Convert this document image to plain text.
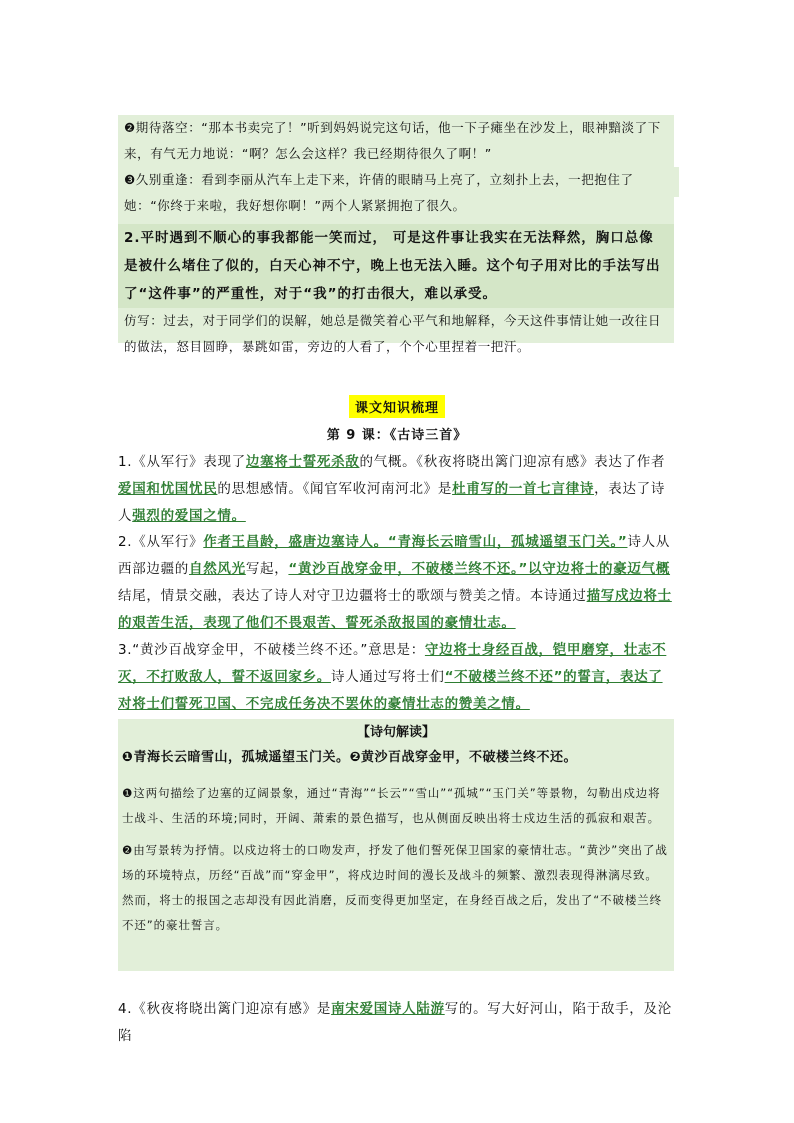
❷期待落空：“那本书卖完了！”听到妈妈说完这句话，他一下子瘫坐在沙发上，眼神黯淡了下来，有气无力地说：“啊？怎么会这样？我已经期待很久了啊！”

❸久别重逢：看到李丽从汽车上走下来，许倩的眼睛马上亮了，立刻扑上去，一把抱住了她：“你终于来啦，我好想你啊！”两个人紧紧拥抱了很久。

2.平时遇到不顺心的事我都能一笑而过， 可是这件事让我实在无法释然，胸口总像是被什么堵住了似的，白天心神不宁，晚上也无法入睡。这个句子用对比的手法写出了“这件事”的严重性，对于“我”的打击很大，难以承受。

仿写：过去，对于同学们的误解，她总是微笑着心平气和地解释，今天这件事情让她一改往日的做法，怒目圆睁，暴跳如雷，旁边的人看了，个个心里捏着一把汗。

课文知识梳理
第 9 课：《古诗三首》

1.《从军行》表现了边塞将士誓死杀敌的气概。《秋夜将晓出篱门迎凉有感》表达了作者爱国和忧国忧民的思想感情。《闻官军收河南河北》是杜甫写的一首七言律诗，表达了诗人强烈的爱国之情。

2.《从军行》作者王昌龄，盛唐边塞诗人。“青海长云暗雪山，孤城遥望玉门关。”诗人从西部边疆的自然风光写起，“黄沙百战穿金甲，不破楼兰终不还。”以守边将士的豪迈气概结尾，情景交融，表达了诗人对守卫边疆将士的歌颂与赞美之情。本诗通过描写戍边将士的艰苦生活，表现了他们不畏艰苦、誓死杀敌报国的豪情壮志。

3.“黄沙百战穿金甲，不破楼兰终不还。”意思是：守边将士身经百战，铠甲磨穿，壮志不灭，不打败敌人，誓不返回家乡。诗人通过写将士们“不破楼兰终不还”的誓言，表达了对将士们誓死卫国、不完成任务决不罢休的豪情壮志的赞美之情。

【诗句解读】
❶青海长云暗雪山，孤城遥望玉门关。❷黄沙百战穿金甲，不破楼兰终不还。

❶这两句描绘了边塞的辽阔景象，通过“青海”“长云”“雪山”“孤城”“玉门关”等景物，勾勒出戍边将士战斗、生活的环境;同时，开阔、萧索的景色描写，也从侧面反映出将士戍边生活的孤寂和艰苦。

❷由写景转为抒情。以戍边将士的口吻发声，抒发了他们誓死保卫国家的豪情壮志。“黄沙”突出了战场的环境特点，历经“百战”而“穿金甲”，将戍边时间的漫长及战斗的频繁、激烈表现得淋漓尽致。然而，将士的报国之志却没有因此消磨，反而变得更加坚定，在身经百战之后，发出了“不破楼兰终不还”的豪壮誓言。

4.《秋夜将晓出篱门迎凉有感》是南宋爱国诗人陆游写的。写大好河山，陷于敌手，及沦陷
